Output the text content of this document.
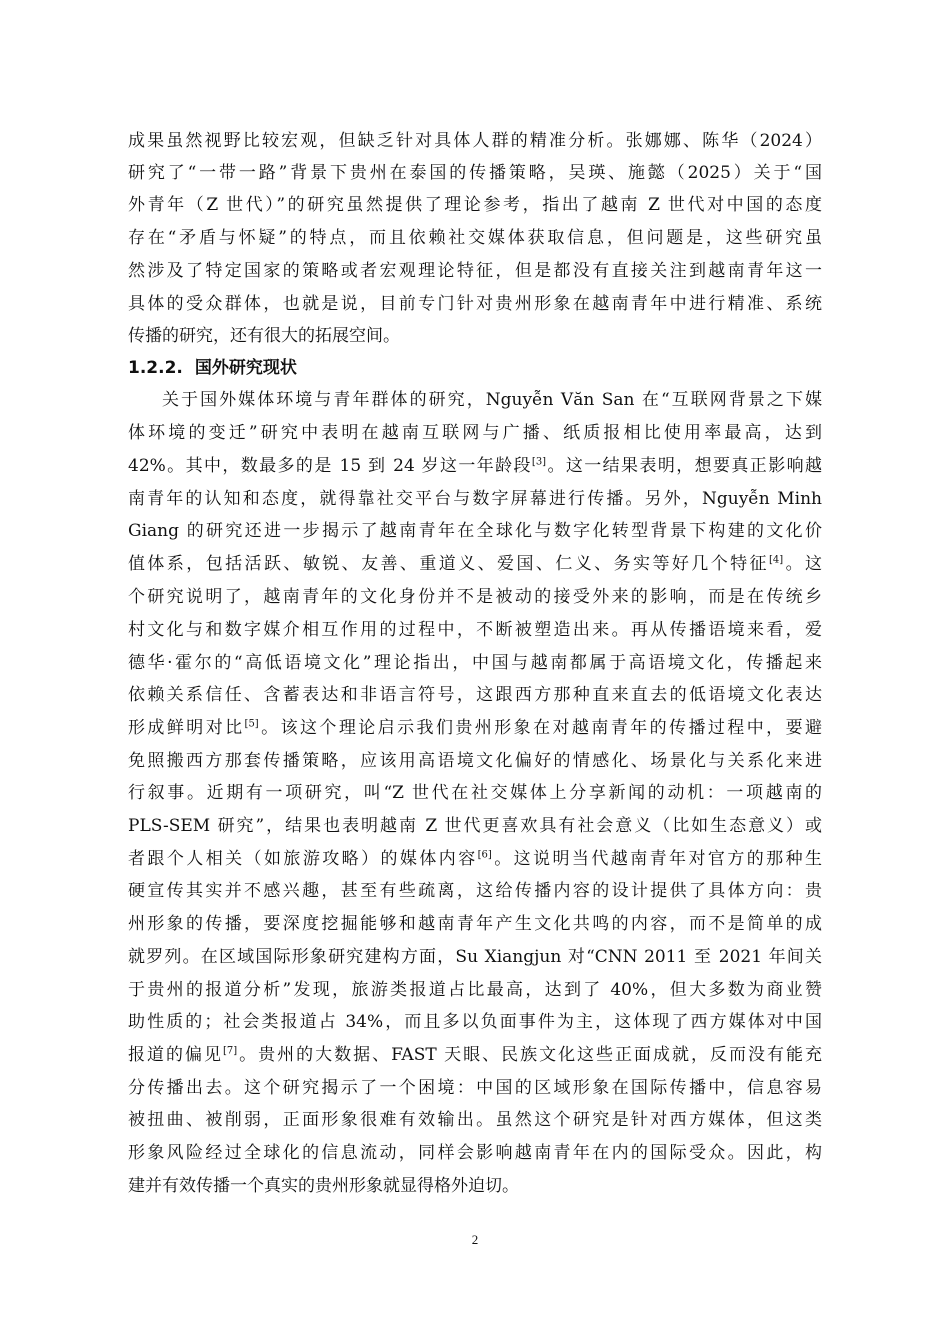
成果虽然视野比较宏观，但缺乏针对具体人群的精准分析。张娜娜、陈华（2024）
研究了“一带一路”背景下贵州在泰国的传播策略，吴瑛、施懿（2025）关于“国
外青年（Z 世代）”的研究虽然提供了理论参考，指出了越南 Z 世代对中国的态度
存在“矛盾与怀疑”的特点，而且依赖社交媒体获取信息，但问题是，这些研究虽
然涉及了特定国家的策略或者宏观理论特征，但是都没有直接关注到越南青年这一
具体的受众群体，也就是说，目前专门针对贵州形象在越南青年中进行精准、系统
传播的研究，还有很大的拓展空间。
1.2.2. 国外研究现状
关于国外媒体环境与青年群体的研究，Nguyễn Văn San 在“互联网背景之下媒
体环境的变迁”研究中表明在越南互联网与广播、纸质报相比使用率最高，达到
42%。其中，数最多的是 15 到 24 岁这一年龄段[3]。这一结果表明，想要真正影响越
南青年的认知和态度，就得靠社交平台与数字屏幕进行传播。另外，Nguyễn Minh
Giang 的研究还进一步揭示了越南青年在全球化与数字化转型背景下构建的文化价
值体系，包括活跃、敏锐、友善、重道义、爱国、仁义、务实等好几个特征[4]。这
个研究说明了，越南青年的文化身份并不是被动的接受外来的影响，而是在传统乡
村文化与和数字媒介相互作用的过程中，不断被塑造出来。再从传播语境来看，爱
德华·霍尔的“高低语境文化”理论指出，中国与越南都属于高语境文化，传播起来
依赖关系信任、含蓄表达和非语言符号，这跟西方那种直来直去的低语境文化表达
形成鲜明对比[5]。该这个理论启示我们贵州形象在对越南青年的传播过程中，要避
免照搬西方那套传播策略，应该用高语境文化偏好的情感化、场景化与关系化来进
行叙事。近期有一项研究，叫“Z 世代在社交媒体上分享新闻的动机：一项越南的
PLS-SEM 研究”，结果也表明越南 Z 世代更喜欢具有社会意义（比如生态意义）或
者跟个人相关（如旅游攻略）的媒体内容[6]。这说明当代越南青年对官方的那种生
硬宣传其实并不感兴趣，甚至有些疏离，这给传播内容的设计提供了具体方向：贵
州形象的传播，要深度挖掘能够和越南青年产生文化共鸣的内容，而不是简单的成
就罗列。在区域国际形象研究建构方面，Su Xiangjun 对“CNN 2011 至 2021 年间关
于贵州的报道分析”发现，旅游类报道占比最高，达到了 40%，但大多数为商业赞
助性质的；社会类报道占 34%，而且多以负面事件为主，这体现了西方媒体对中国
报道的偏见[7]。贵州的大数据、FAST 天眼、民族文化这些正面成就，反而没有能充
分传播出去。这个研究揭示了一个困境：中国的区域形象在国际传播中，信息容易
被扭曲、被削弱，正面形象很难有效输出。虽然这个研究是针对西方媒体，但这类
形象风险经过全球化的信息流动，同样会影响越南青年在内的国际受众。因此，构
建并有效传播一个真实的贵州形象就显得格外迫切。
2
